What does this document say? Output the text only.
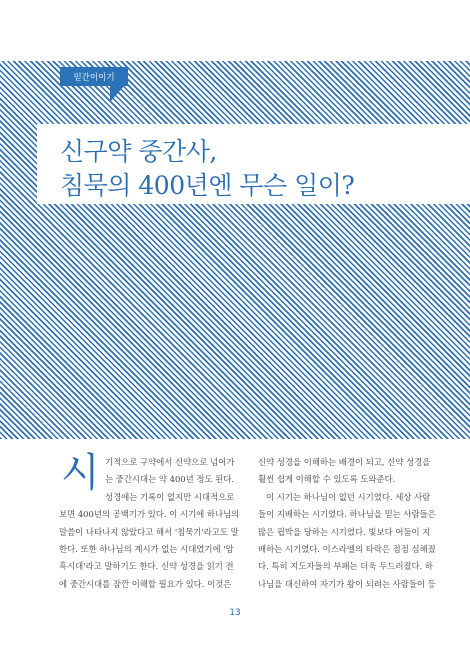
믿간이이기
신구약 중간사,
침묵의 400년엔 무슨 일이?
시 기적으로 구약에서 신약으로 넘어가
는 중간시대는 약 400년 정도 된다.
성경에는 기록이 없지만 시대적으로
보면 400년의 공백기가 있다. 이 시기에 하나님의
말씀이 나타나지 않았다고 해서 '침묵기'라고도 말
한다. 또한 하나님의 계시가 없는 시대였기에 '암
흑시대'라고 말하기도 한다. 신약 성경을 읽기 전
에 중간시대를 잠깐 이해할 필요가 있다. 이것은
신약 성경을 이해하는 배경이 되고, 신약 성경을
훨씬 쉽게 이해할 수 있도록 도와준다.
이 시기는 하나님이 없던 시기였다. 세상 사람
들이 지배하는 시기였다. 하나님을 믿는 사람들은
많은 핍박을 당하는 시기였다. 빛보다 어둠이 지
배하는 시기였다. 이스라엘의 타락은 점점 심해졌
다. 특히 지도자들의 부패는 더욱 두드러졌다. 하
나님을 대신하여 자기가 왕이 되려는 사람들이 등
13
